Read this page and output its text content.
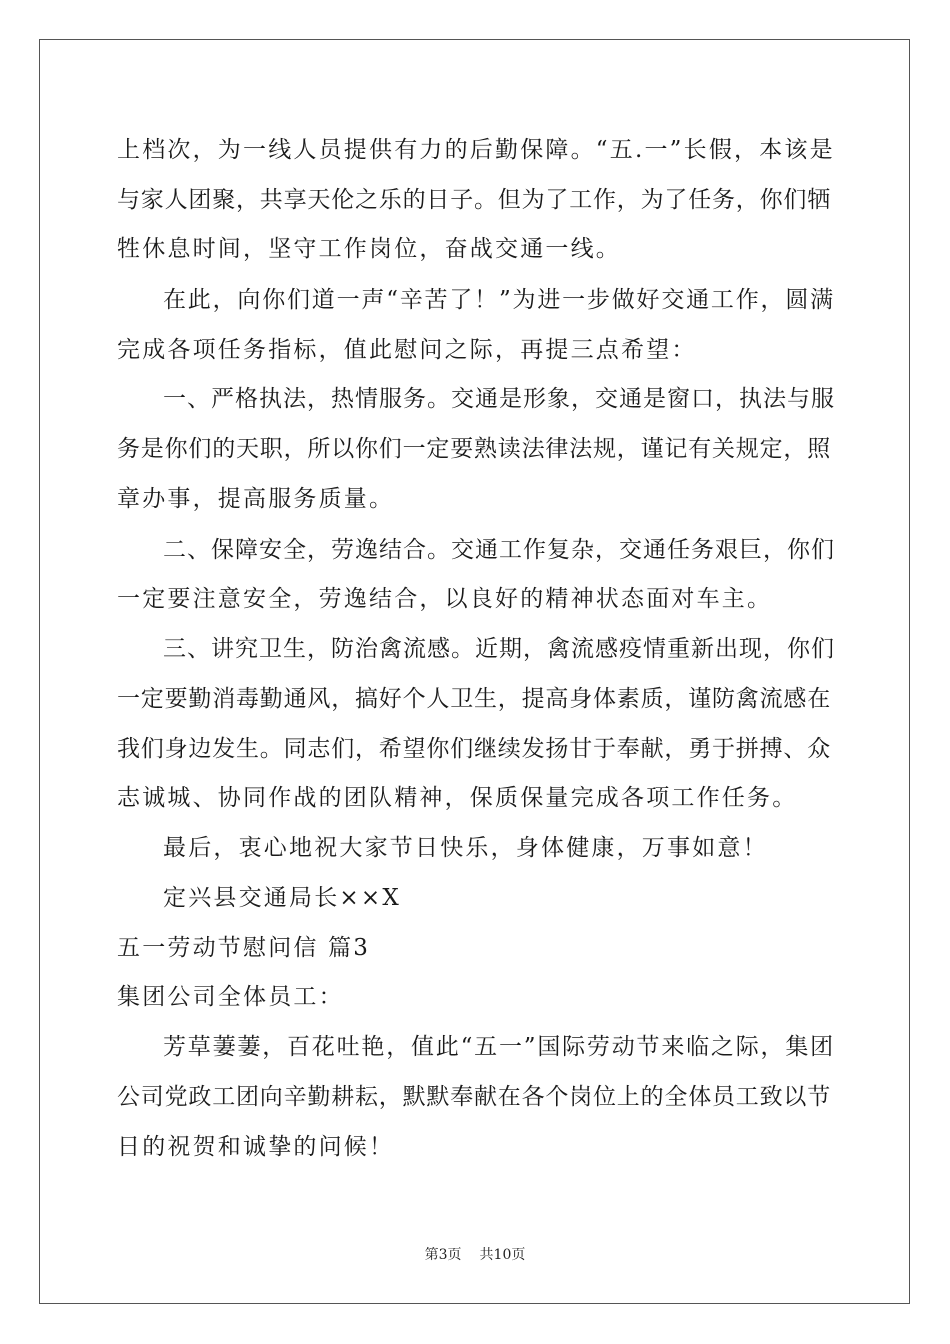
上档次，为一线人员提供有力的后勤保障。“五.一”长假，本该是
与家人团聚，共享天伦之乐的日子。但为了工作，为了任务，你们牺
牲休息时间，坚守工作岗位，奋战交通一线。
在此，向你们道一声“辛苦了！”为进一步做好交通工作，圆满
完成各项任务指标，值此慰问之际，再提三点希望：
一、严格执法，热情服务。交通是形象，交通是窗口，执法与服
务是你们的天职，所以你们一定要熟读法律法规，谨记有关规定，照
章办事，提高服务质量。
二、保障安全，劳逸结合。交通工作复杂，交通任务艰巨，你们
一定要注意安全，劳逸结合，以良好的精神状态面对车主。
三、讲究卫生，防治禽流感。近期，禽流感疫情重新出现，你们
一定要勤消毒勤通风，搞好个人卫生，提高身体素质，谨防禽流感在
我们身边发生。同志们，希望你们继续发扬甘于奉献，勇于拼搏、众
志诚城、协同作战的团队精神，保质保量完成各项工作任务。
最后，衷心地祝大家节日快乐，身体健康，万事如意！
定兴县交通局长××X
五一劳动节慰问信 篇3
集团公司全体员工：
芳草萋萋，百花吐艳，值此“五一”国际劳动节来临之际，集团
公司党政工团向辛勤耕耘，默默奉献在各个岗位上的全体员工致以节
日的祝贺和诚挚的问候！
第3页 共10页
